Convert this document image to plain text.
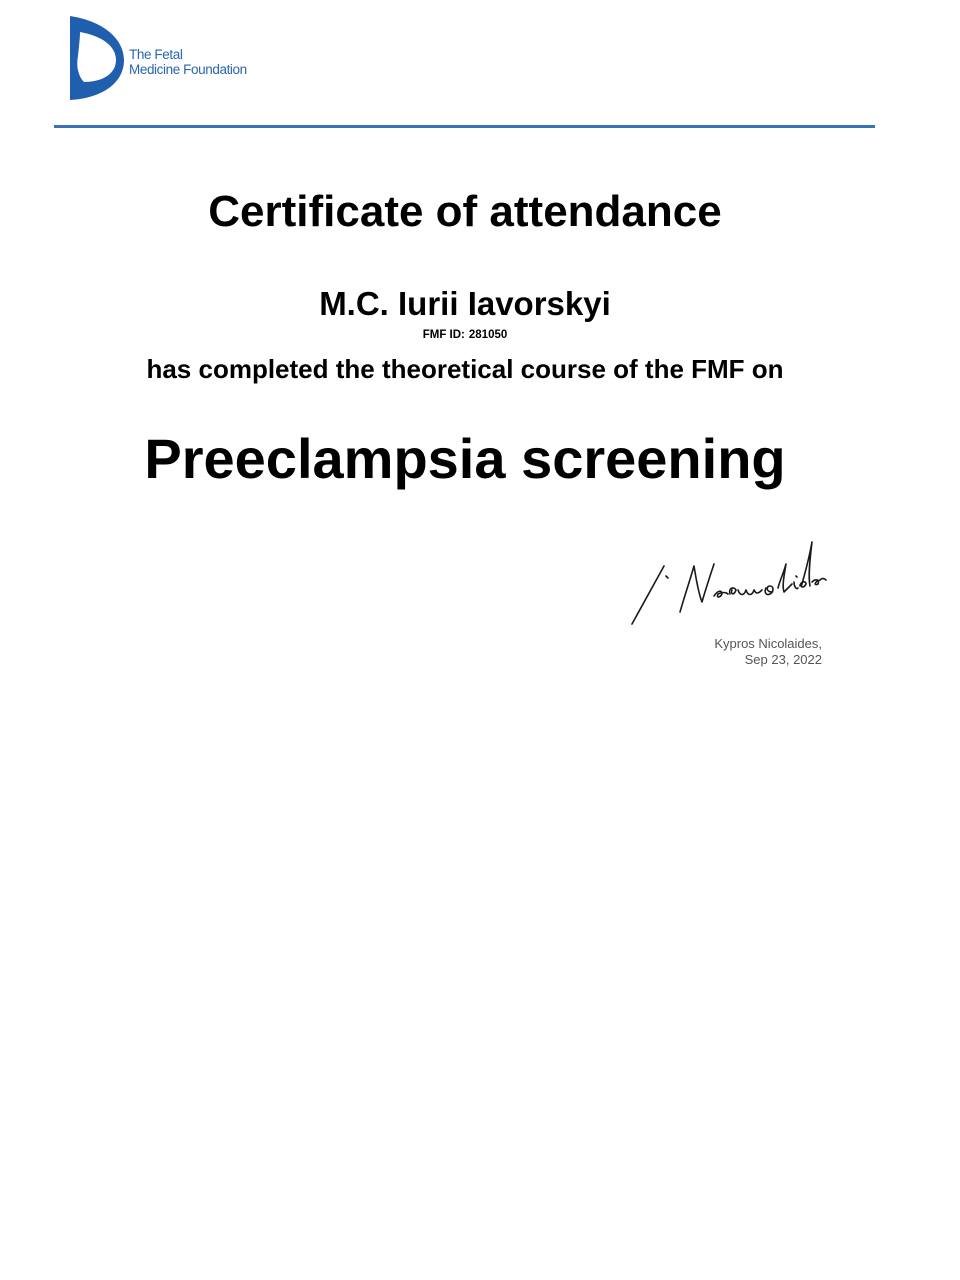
The Fetal
Medicine Foundation
Certificate of attendance
M.C. Iurii Iavorskyi
FMF ID: 281050
has completed the theoretical course of the FMF on
Preeclampsia screening
Kypros Nicolaides,
Sep 23, 2022
